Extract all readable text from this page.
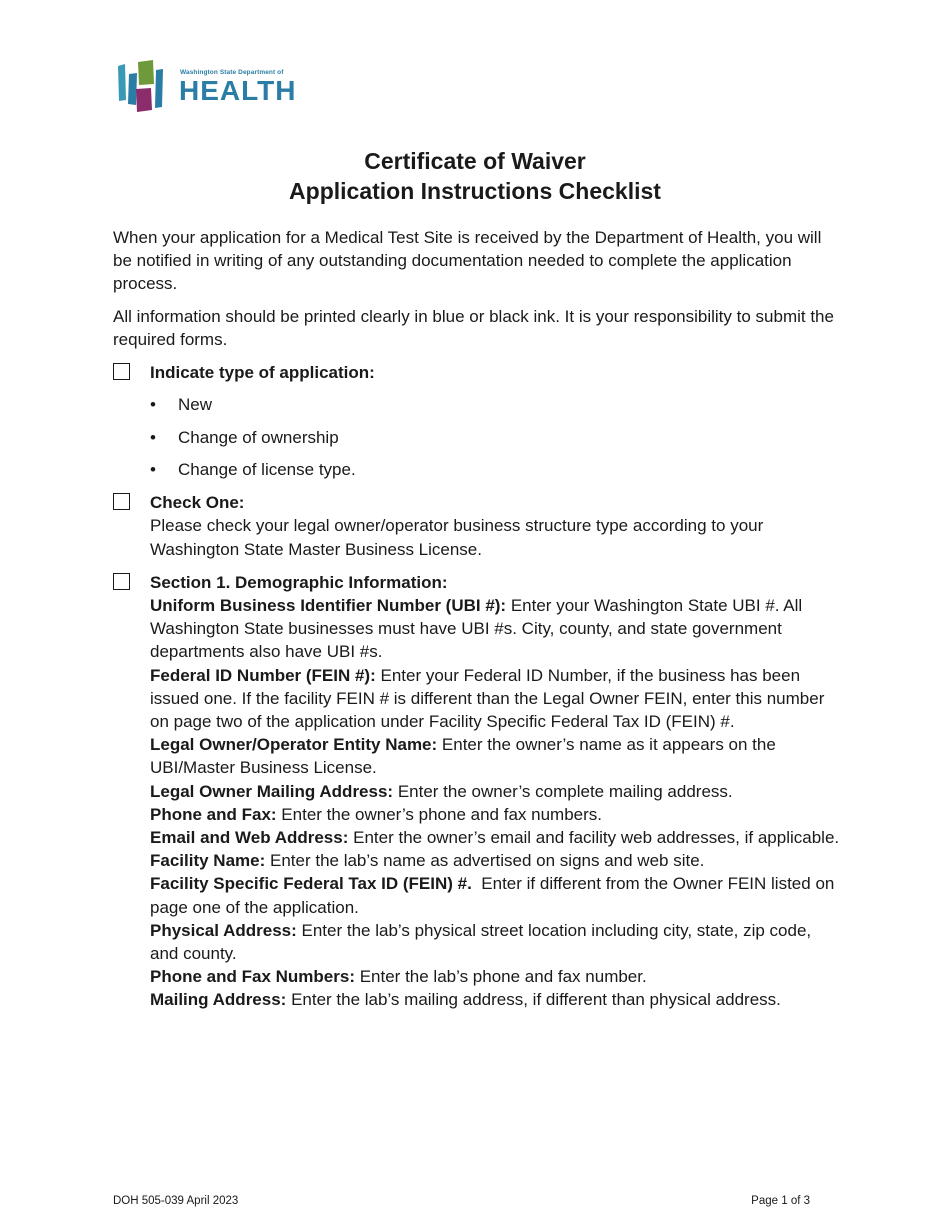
Washington State Department of
HEALTH
Certificate of Waiver
Application Instructions Checklist

When your application for a Medical Test Site is received by the Department of Health, you will be notified in writing of any outstanding documentation needed to complete the application process.

All information should be printed clearly in blue or black ink. It is your responsibility to submit the required forms.

Indicate type of application:
• New
• Change of ownership
• Change of license type.
Check One:
Please check your legal owner/operator business structure type according to your Washington State Master Business License.
Section 1. Demographic Information:

Uniform Business Identifier Number (UBI #): Enter your Washington State UBI #. All Washington State businesses must have UBI #s. City, county, and state government departments also have UBI #s.

Federal ID Number (FEIN #): Enter your Federal ID Number, if the business has been issued one. If the facility FEIN # is different than the Legal Owner FEIN, enter this number on page two of the application under Facility Specific Federal Tax ID (FEIN) #.

Legal Owner/Operator Entity Name: Enter the owner’s name as it appears on the UBI/Master Business License.

Legal Owner Mailing Address: Enter the owner’s complete mailing address.

Phone and Fax: Enter the owner’s phone and fax numbers.

Email and Web Address: Enter the owner’s email and facility web addresses, if applicable.

Facility Name: Enter the lab’s name as advertised on signs and web site.

Facility Specific Federal Tax ID (FEIN) #.  Enter if different from the Owner FEIN listed on page one of the application.

Physical Address: Enter the lab’s physical street location including city, state, zip code, and county.

Phone and Fax Numbers: Enter the lab’s phone and fax number.

Mailing Address: Enter the lab’s mailing address, if different than physical address.

DOH 505-039 April 2023	Page 1 of 3
